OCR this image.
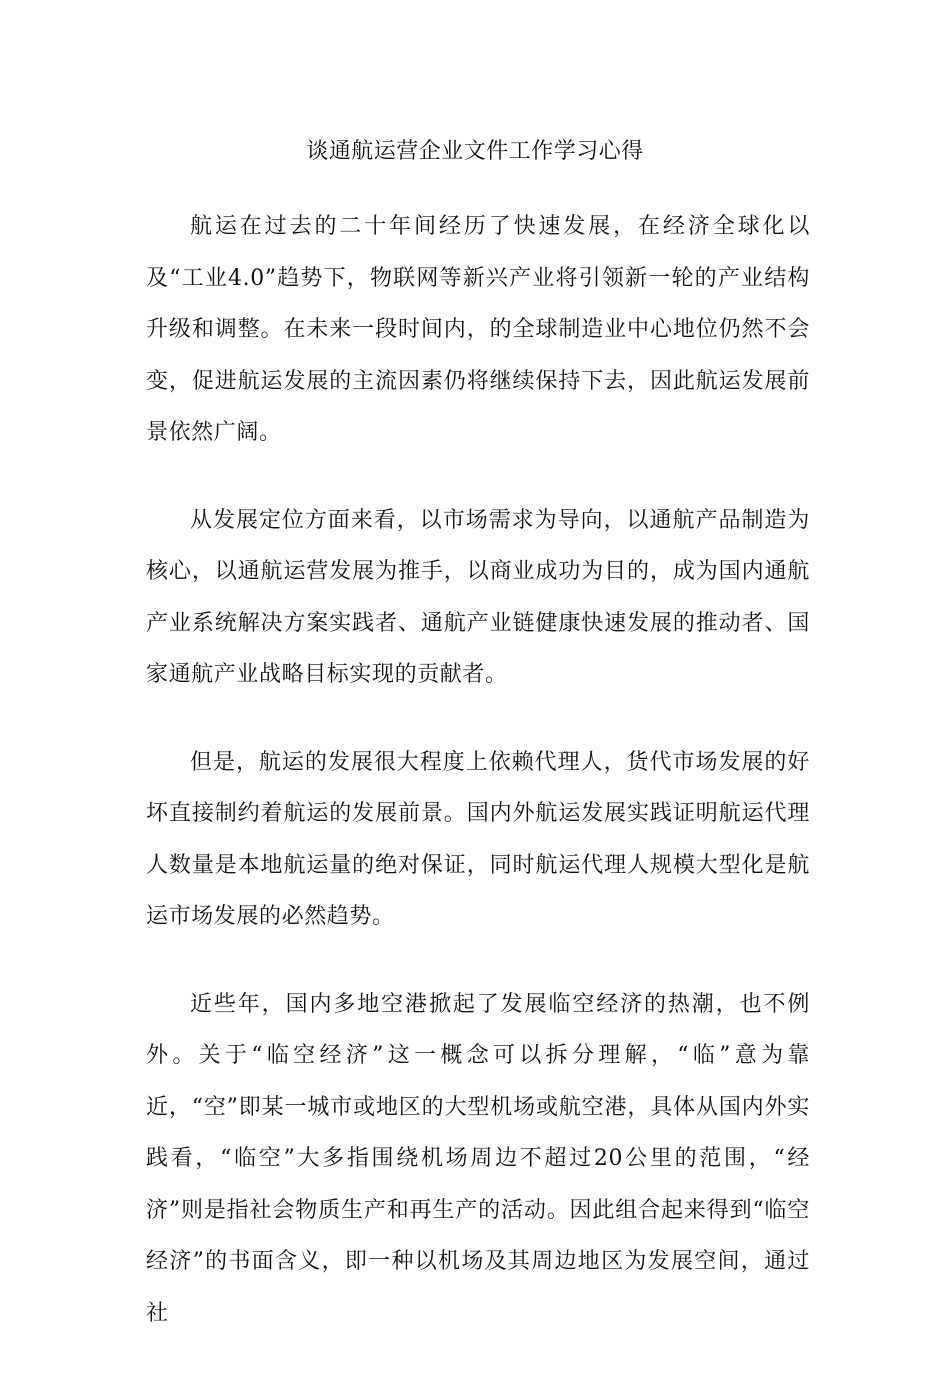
谈通航运营企业文件工作学习心得

航运在过去的二十年间经历了快速发展，在经济全球化以及“工业4.0”趋势下，物联网等新兴产业将引领新一轮的产业结构升级和调整。在未来一段时间内，的全球制造业中心地位仍然不会变，促进航运发展的主流因素仍将继续保持下去，因此航运发展前景依然广阔。

从发展定位方面来看，以市场需求为导向，以通航产品制造为核心，以通航运营发展为推手，以商业成功为目的，成为国内通航产业系统解决方案实践者、通航产业链健康快速发展的推动者、国家通航产业战略目标实现的贡献者。

但是，航运的发展很大程度上依赖代理人，货代市场发展的好坏直接制约着航运的发展前景。国内外航运发展实践证明航运代理人数量是本地航运量的绝对保证，同时航运代理人规模大型化是航运市场发展的必然趋势。

近些年，国内多地空港掀起了发展临空经济的热潮，也不例外。关于“临空经济”这一概念可以拆分理解，“临”意为靠近，“空”即某一城市或地区的大型机场或航空港，具体从国内外实践看，“临空”大多指围绕机场周边不超过20公里的范围，“经济”则是指社会物质生产和再生产的活动。因此组合起来得到“临空经济”的书面含义，即一种以机场及其周边地区为发展空间，通过社
